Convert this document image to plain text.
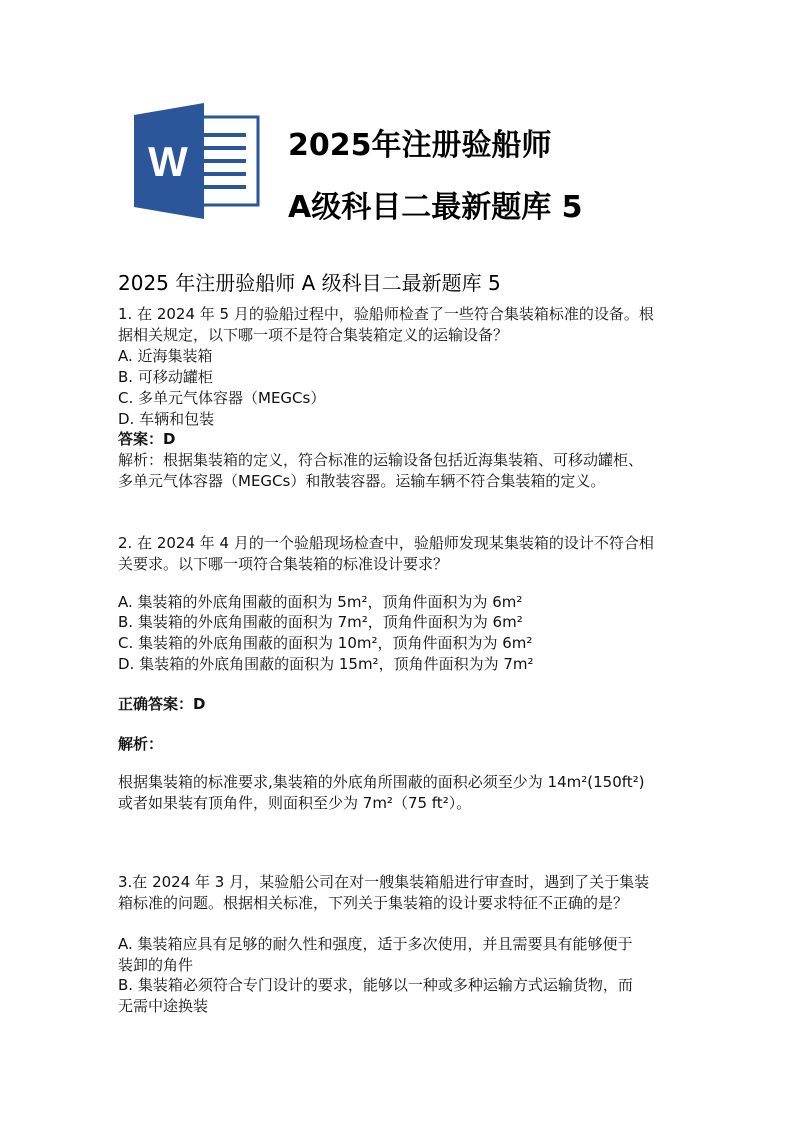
W	2025年注册验船师
A级科目二最新题库 5
2025 年注册验船师 A 级科目二最新题库 5
1. 在 2024 年 5 月的验船过程中，验船师检查了一些符合集装箱标准的设备。根
据相关规定，以下哪一项不是符合集装箱定义的运输设备？
A. 近海集装箱
B. 可移动罐柜
C. 多单元气体容器（MEGCs）
D. 车辆和包装
答案：D
解析：根据集装箱的定义，符合标准的运输设备包括近海集装箱、可移动罐柜、
多单元气体容器（MEGCs）和散装容器。运输车辆不符合集装箱的定义。
2. 在 2024 年 4 月的一个验船现场检查中，验船师发现某集装箱的设计不符合相
关要求。以下哪一项符合集装箱的标准设计要求？
A. 集装箱的外底角围蔽的面积为 5m²，顶角件面积为为 6m²
B. 集装箱的外底角围蔽的面积为 7m²，顶角件面积为为 6m²
C. 集装箱的外底角围蔽的面积为 10m²，顶角件面积为为 6m²
D. 集装箱的外底角围蔽的面积为 15m²，顶角件面积为为 7m²
正确答案：D
解析：
根据集装箱的标准要求,集装箱的外底角所围蔽的面积必须至少为 14m²(150ft²)
或者如果装有顶角件，则面积至少为 7m²（75 ft²）。
3.在 2024 年 3 月，某验船公司在对一艘集装箱船进行审查时，遇到了关于集装
箱标准的问题。根据相关标准，下列关于集装箱的设计要求特征不正确的是？
A. 集装箱应具有足够的耐久性和强度，适于多次使用，并且需要具有能够便于
装卸的角件
B. 集装箱必须符合专门设计的要求，能够以一种或多种运输方式运输货物，而
无需中途换装
